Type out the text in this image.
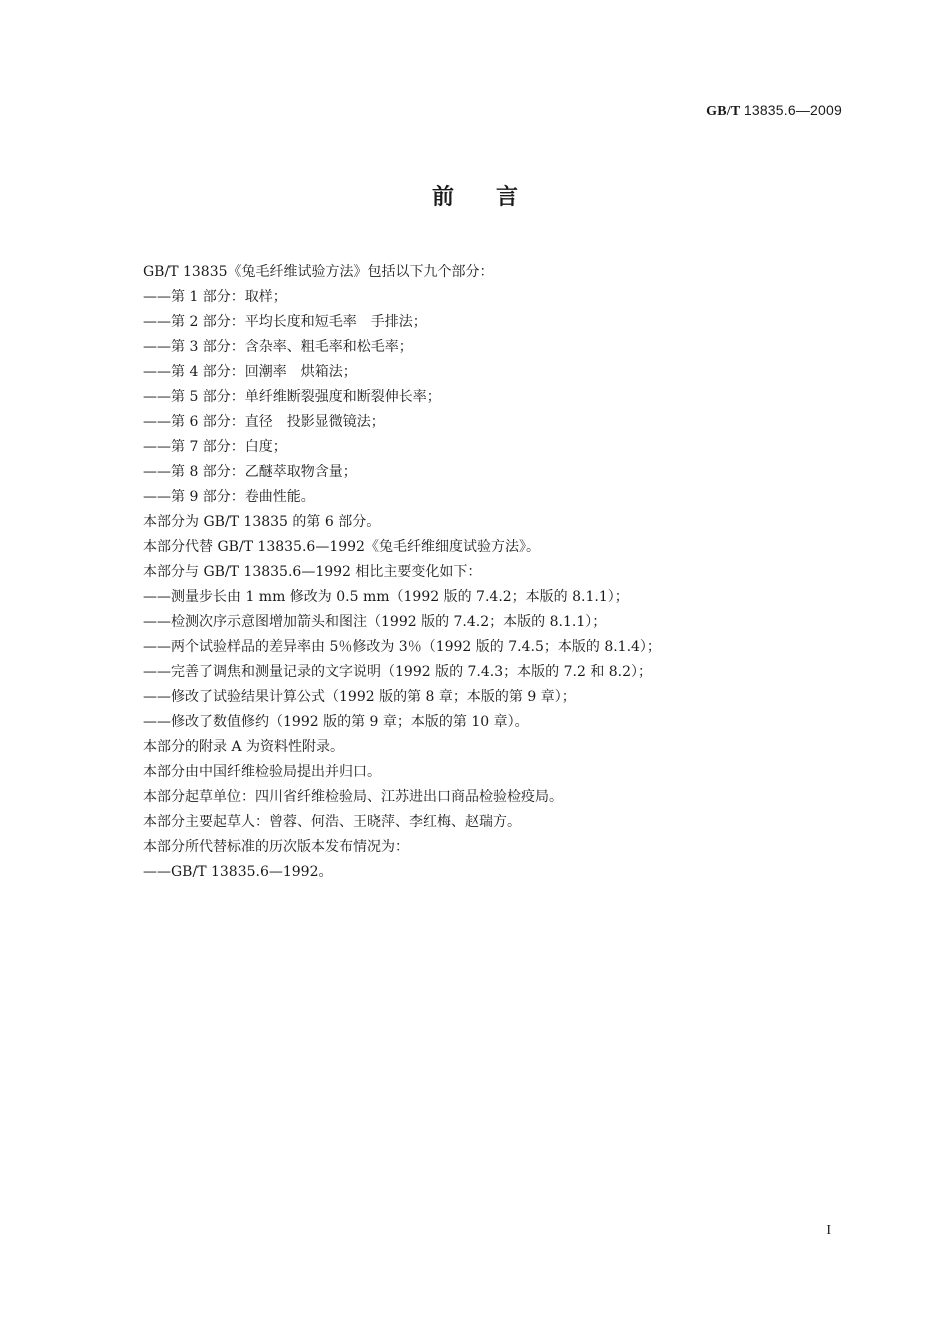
GB/T 13835.6—2009
前言
GB/T 13835《兔毛纤维试验方法》包括以下九个部分：
——第 1 部分：取样；
——第 2 部分：平均长度和短毛率　手排法；
——第 3 部分：含杂率、粗毛率和松毛率；
——第 4 部分：回潮率　烘箱法；
——第 5 部分：单纤维断裂强度和断裂伸长率；
——第 6 部分：直径　投影显微镜法；
——第 7 部分：白度；
——第 8 部分：乙醚萃取物含量；
——第 9 部分：卷曲性能。
本部分为 GB/T 13835 的第 6 部分。
本部分代替 GB/T 13835.6—1992《兔毛纤维细度试验方法》。
本部分与 GB/T 13835.6—1992 相比主要变化如下：
——测量步长由 1 mm 修改为 0.5 mm（1992 版的 7.4.2；本版的 8.1.1）；
——检测次序示意图增加箭头和图注（1992 版的 7.4.2；本版的 8.1.1）；
——两个试验样品的差异率由 5％修改为 3％（1992 版的 7.4.5；本版的 8.1.4）；
——完善了调焦和测量记录的文字说明（1992 版的 7.4.3；本版的 7.2 和 8.2）；
——修改了试验结果计算公式（1992 版的第 8 章；本版的第 9 章）；
——修改了数值修约（1992 版的第 9 章；本版的第 10 章）。
本部分的附录 A 为资料性附录。
本部分由中国纤维检验局提出并归口。
本部分起草单位：四川省纤维检验局、江苏进出口商品检验检疫局。
本部分主要起草人：曾蓉、何浩、王晓萍、李红梅、赵瑞方。
本部分所代替标准的历次版本发布情况为：
——GB/T 13835.6—1992。
I
